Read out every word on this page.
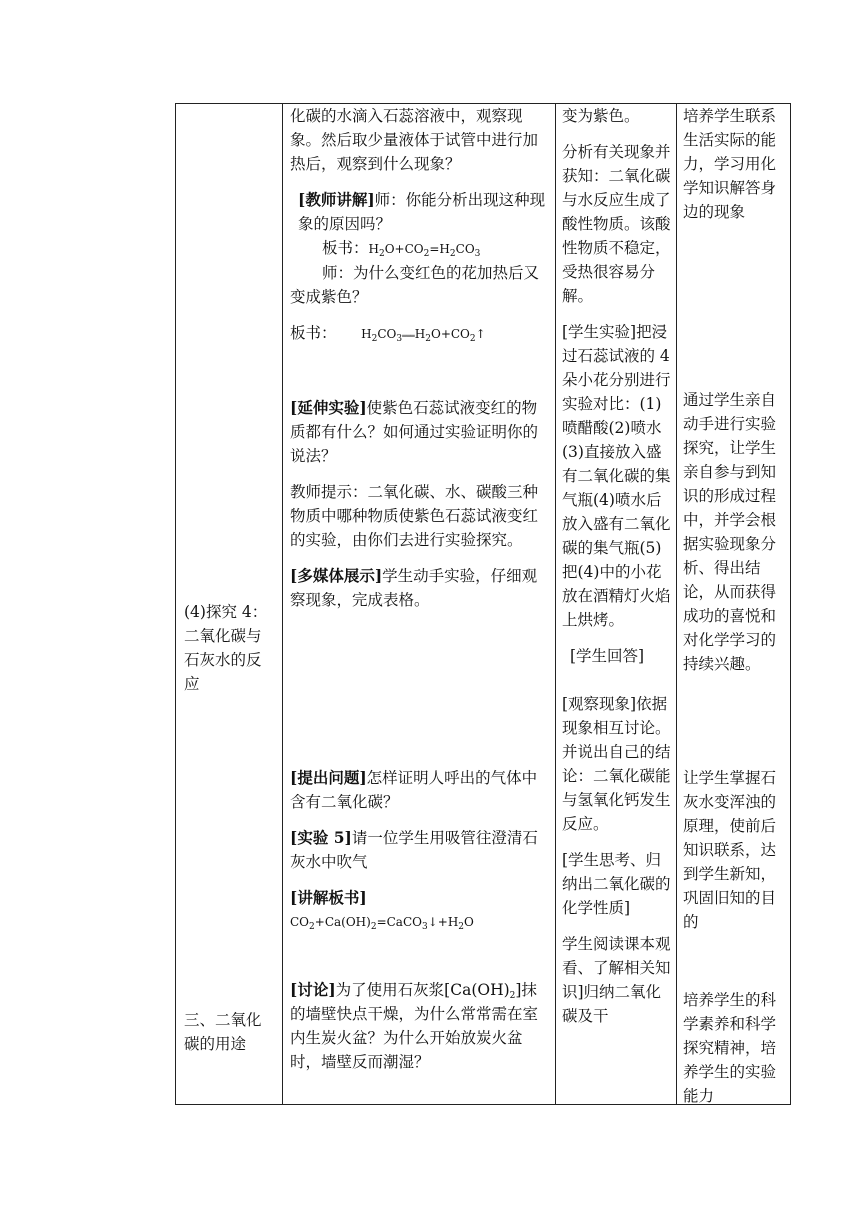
(4)探究 4：二氧化碳与石灰水的反应
三、二氧化碳的用途

化碳的水滴入石蕊溶液中，观察现象。然后取少量液体于试管中进行加热后，观察到什么现象？

[教师讲解]师：你能分析出现这种现象的原因吗？
板书：$H_2O+CO_2=H_2CO_3$

师：为什么变红色的花加热后又变成紫色？

板书： $H_2CO_3═══H_2O+CO_2↑$

[延伸实验]使紫色石蕊试液变红的物质都有什么？如何通过实验证明你的说法？

教师提示：二氧化碳、水、碳酸三种物质中哪种物质使紫色石蕊试液变红的实验，由你们去进行实验探究。

[多媒体展示]学生动手实验，仔细观察现象，完成表格。

[提出问题]怎样证明人呼出的气体中含有二氧化碳？

[实验 5]请一位学生用吸管往澄清石灰水中吹气

[讲解板书]
$CO_2+Ca(OH)_2=CaCO_3↓+H_2O$

[讨论]为了使用石灰浆$[Ca(OH)_2]$抹的墙壁快点干燥，为什么常常需在室内生炭火盆？为什么开始放炭火盆时，墙壁反而潮湿？

变为紫色。

分析有关现象并获知：二氧化碳与水反应生成了酸性物质。该酸性物质不稳定，受热很容易分解。

[学生实验]把浸过石蕊试液的 4 朵小花分别进行实验对比：(1)喷醋酸(2)喷水(3)直接放入盛有二氧化碳的集气瓶(4)喷水后放入盛有二氧化碳的集气瓶(5)把(4)中的小花放在酒精灯火焰上烘烤。

[学生回答]

[观察现象]依据现象相互讨论。并说出自己的结论：二氧化碳能与氢氧化钙发生反应。

[学生思考、归纳出二氧化碳的化学性质]

学生阅读课本观看、了解相关知识]归纳二氧化碳及干

培养学生联系生活实际的能力，学习用化学知识解答身边的现象
通过学生亲自动手进行实验探究，让学生亲自参与到知识的形成过程中，并学会根据实验现象分析、得出结论，从而获得成功的喜悦和对化学学习的持续兴趣。
让学生掌握石灰水变浑浊的原理，使前后知识联系，达到学生新知，巩固旧知的目的
培养学生的科学素养和科学探究精神，培养学生的实验能力
